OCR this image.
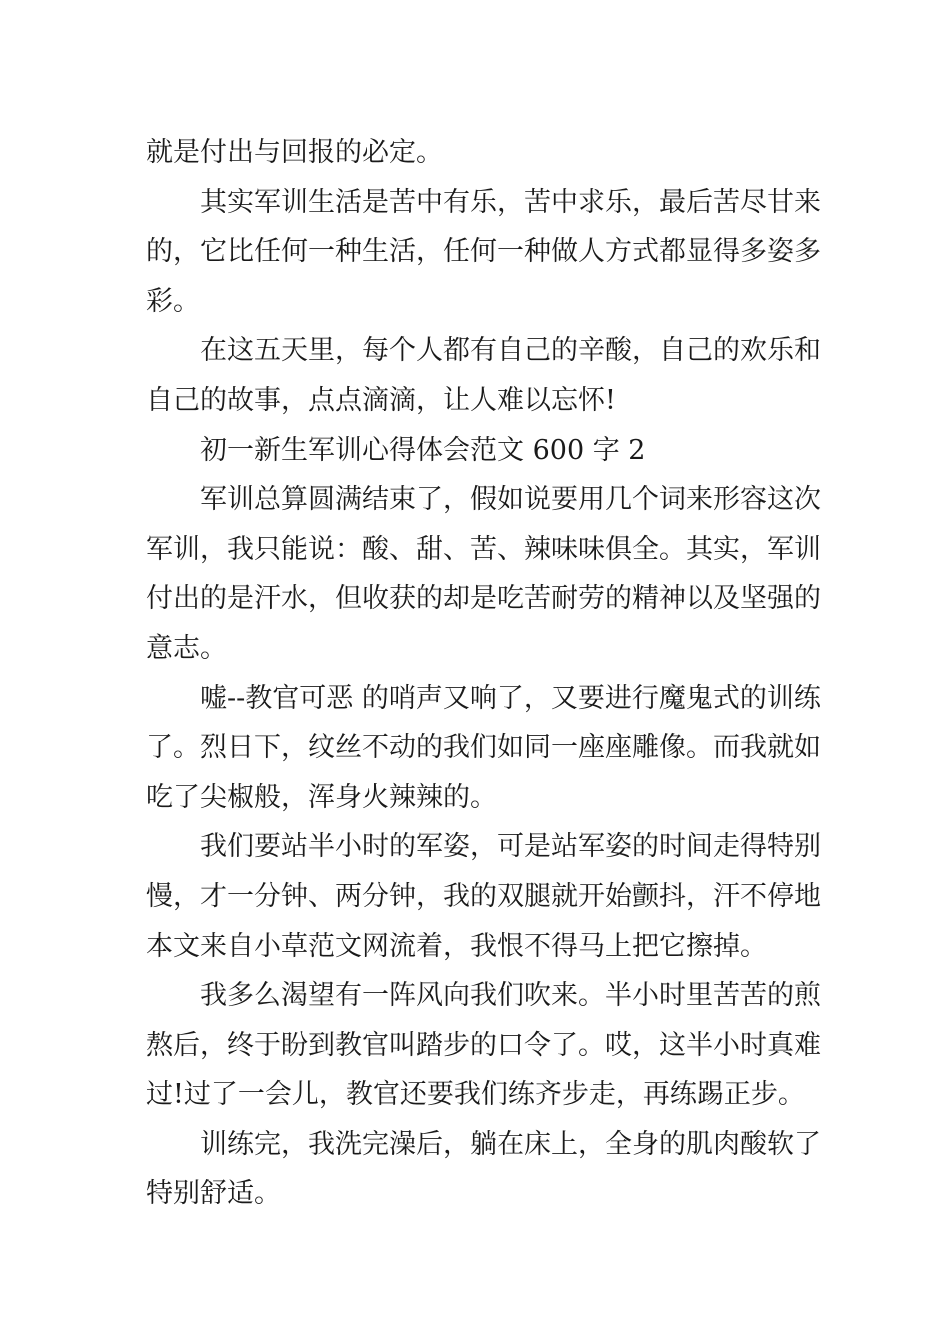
就是付出与回报的必定。
其实军训生活是苦中有乐，苦中求乐，最后苦尽甘来
的，它比任何一种生活，任何一种做人方式都显得多姿多
彩。
在这五天里，每个人都有自己的辛酸，自己的欢乐和
自己的故事，点点滴滴，让人难以忘怀!
初一新生军训心得体会范文 600 字 2
军训总算圆满结束了，假如说要用几个词来形容这次
军训，我只能说：酸、甜、苦、辣味味俱全。其实，军训
付出的是汗水，但收获的却是吃苦耐劳的精神以及坚强的
意志。
嘘--教官可恶 的哨声又响了，又要进行魔鬼式的训练
了。烈日下，纹丝不动的我们如同一座座雕像。而我就如
吃了尖椒般，浑身火辣辣的。
我们要站半小时的军姿，可是站军姿的时间走得特别
慢，才一分钟、两分钟，我的双腿就开始颤抖，汗不停地
本文来自小草范文网流着，我恨不得马上把它擦掉。
我多么渴望有一阵风向我们吹来。半小时里苦苦的煎
熬后，终于盼到教官叫踏步的口令了。哎，这半小时真难
过!过了一会儿，教官还要我们练齐步走，再练踢正步。
训练完，我洗完澡后，躺在床上，全身的肌肉酸软了
特别舒适。
